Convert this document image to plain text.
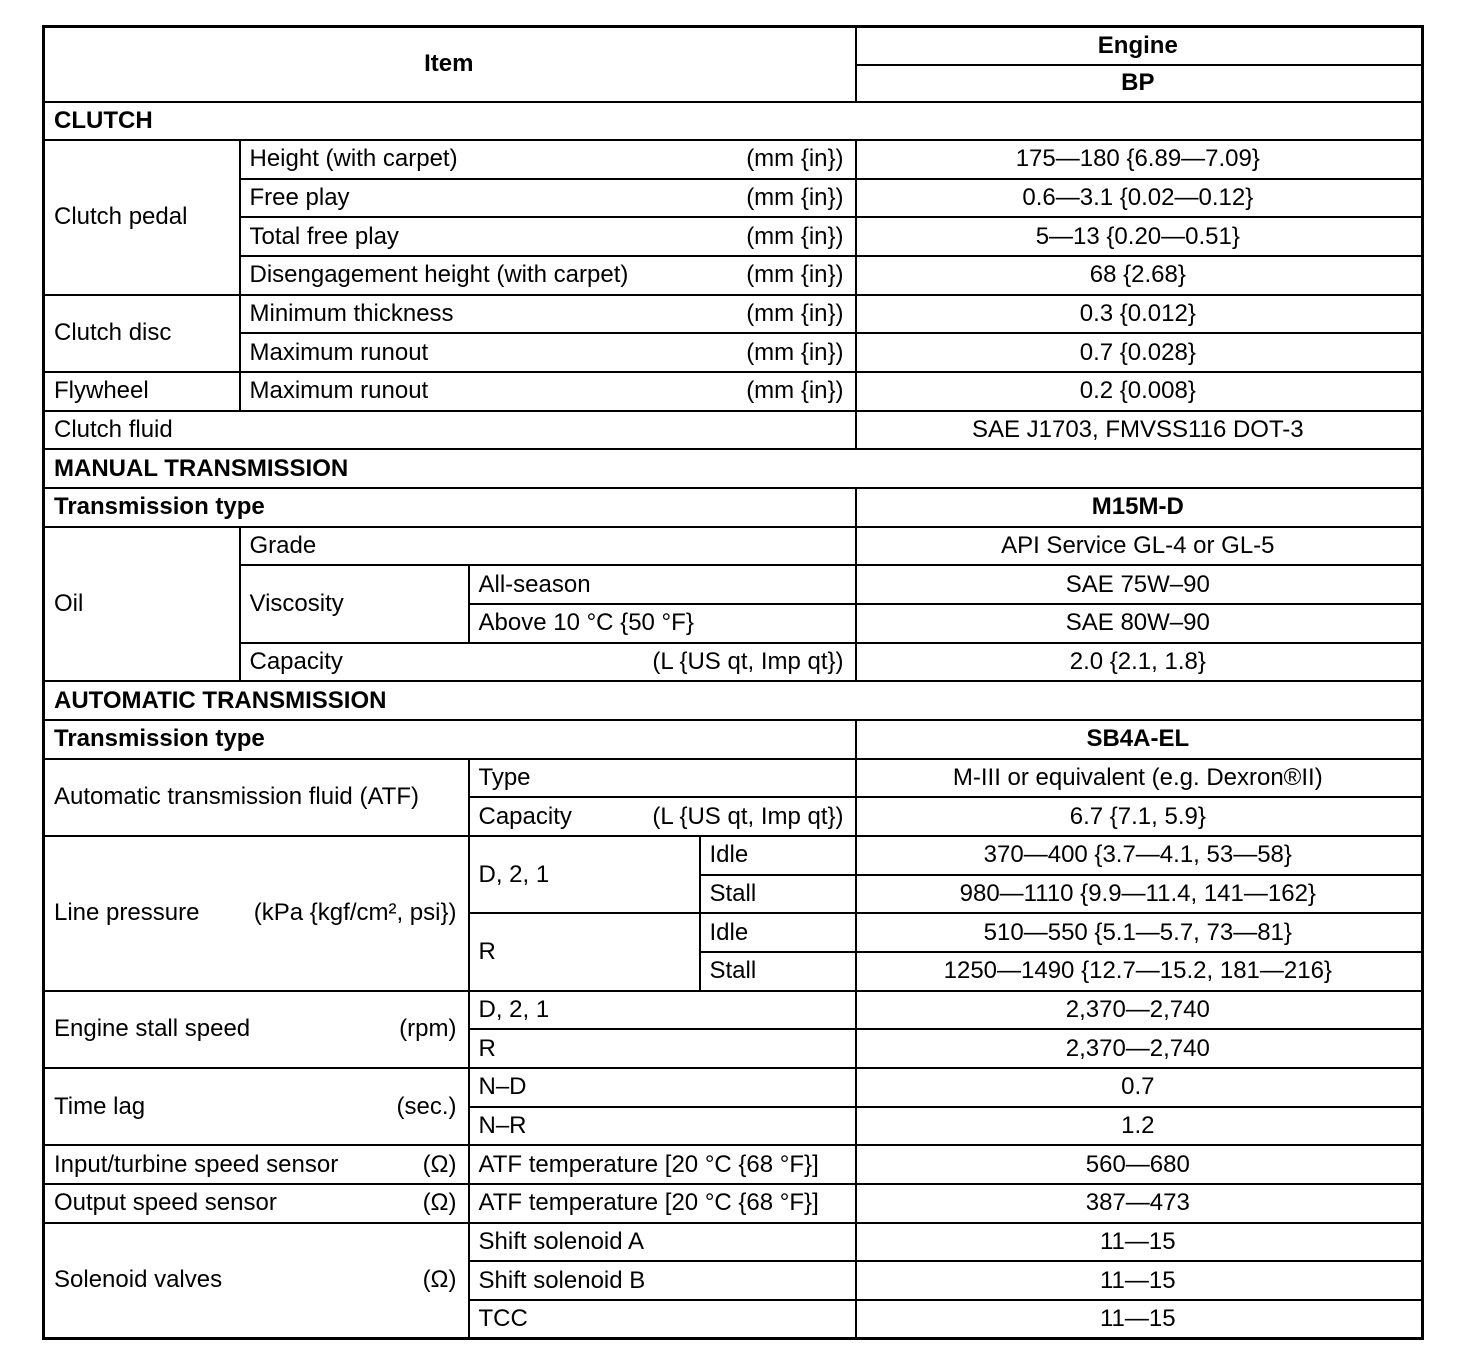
Item				Engine
				BP
CLUTCH				
Clutch pedal	Height (with carpet) (mm {in})			175—180 {6.89—7.09}

	Free play (mm {in})			0.6—3.1 {0.02—0.12}

	Total free play (mm {in})			5—13 {0.20—0.51}

	Disengagement height (with carpet) (mm {in})			68 {2.68}
Clutch disc	Minimum thickness (mm {in})			0.3 {0.012}

	Maximum runout (mm {in})			0.7 {0.028}
Flywheel	Maximum runout (mm {in})			0.2 {0.008}
Clutch fluid				SAE J1703, FMVSS116 DOT-3
MANUAL TRANSMISSION				
Transmission type				M15M-D
Oil	Grade			API Service GL-4 or GL-5
	Viscosity	All-season		SAE 75W–90
		Above 10 °C {50 °F}		SAE 80W–90

	Capacity (L {US qt, Imp qt})			2.0 {2.1, 1.8}
AUTOMATIC TRANSMISSION				
Transmission type				SB4A-EL
Automatic transmission fluid (ATF)		Type		M-III or equivalent (e.g. Dexron®II)

		Capacity (L {US qt, Imp qt})		6.7 {7.1, 5.9}

Line pressure (kPa {kgf/cm², psi})		D, 2, 1	Idle	370—400 {3.7—4.1, 53—58}
			Stall	980—1110 {9.9—11.4, 141—162}
		R	Idle	510—550 {5.1—5.7, 73—81}
			Stall	1250—1490 {12.7—15.2, 181—216}

Engine stall speed (rpm)		D, 2, 1		2,370—2,740
		R		2,370—2,740

Time lag (sec.)		N–D		0.7
		N–R		1.2

Input/turbine speed sensor (Ω)		ATF temperature [20 °C {68 °F}]		560—680

Output speed sensor (Ω)		ATF temperature [20 °C {68 °F}]		387—473

Solenoid valves (Ω)		Shift solenoid A		11—15
		Shift solenoid B		11—15
		TCC		11—15
